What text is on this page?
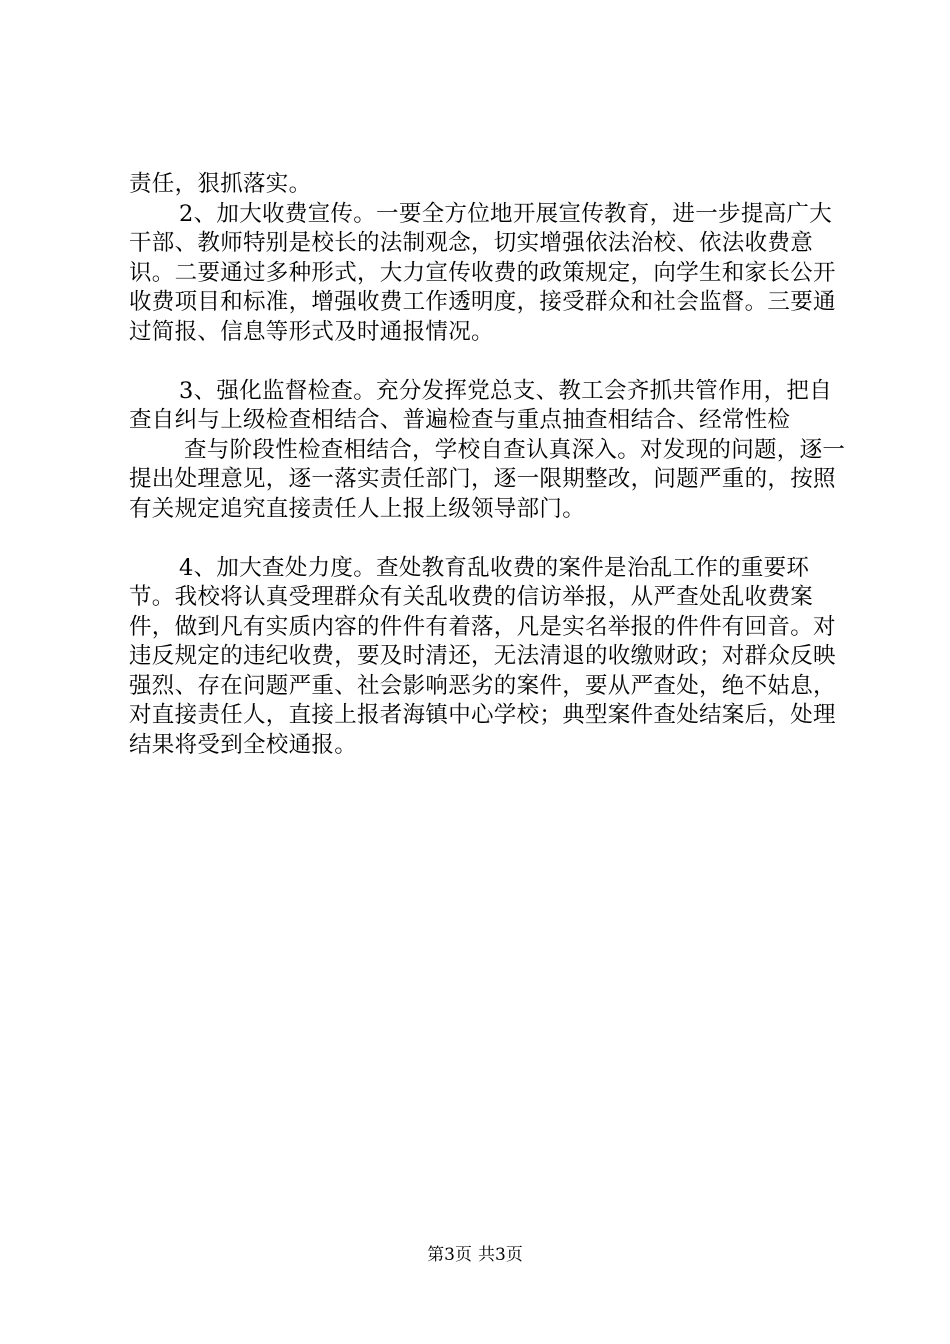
责任，狠抓落实。

2、加大收费宣传。一要全方位地开展宣传教育，进一步提高广大干部、教师特别是校长的法制观念，切实增强依法治校、依法收费意识。二要通过多种形式，大力宣传收费的政策规定，向学生和家长公开收费项目和标准，增强收费工作透明度，接受群众和社会监督。三要通过简报、信息等形式及时通报情况。

3、强化监督检查。充分发挥党总支、教工会齐抓共管作用，把自查自纠与上级检查相结合、普遍检查与重点抽查相结合、经常性检

查与阶段性检查相结合，学校自查认真深入。对发现的问题，逐一提出处理意见，逐一落实责任部门，逐一限期整改，问题严重的，按照有关规定追究直接责任人上报上级领导部门。

4、加大查处力度。查处教育乱收费的案件是治乱工作的重要环节。我校将认真受理群众有关乱收费的信访举报，从严查处乱收费案件，做到凡有实质内容的件件有着落，凡是实名举报的件件有回音。对违反规定的违纪收费，要及时清还，无法清退的收缴财政；对群众反映强烈、存在问题严重、社会影响恶劣的案件，要从严查处，绝不姑息，对直接责任人，直接上报者海镇中心学校；典型案件查处结案后，处理结果将受到全校通报。

第3页 共3页
